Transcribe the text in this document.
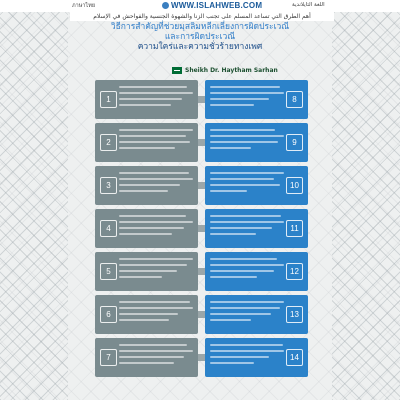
ภาษาไทย	WWW.ISLAHWEB.COM	اللغة التايلاندية
أهم الطرق التي تساعد المسلم على تجنب الزنا والشهوة الجنسية والفواحش في الإسلام
วิธีการสำคัญที่ช่วยมุสลิมหลีกเลี่ยงการผิดประเวณี
และการผิดประเวณี
ความใคร่และความชั่วร้ายทางเพศ
Sheikh Dr. Haytham Sarhan
1	8
2	9
3	10
4	11
5	12
6	13
7	14
